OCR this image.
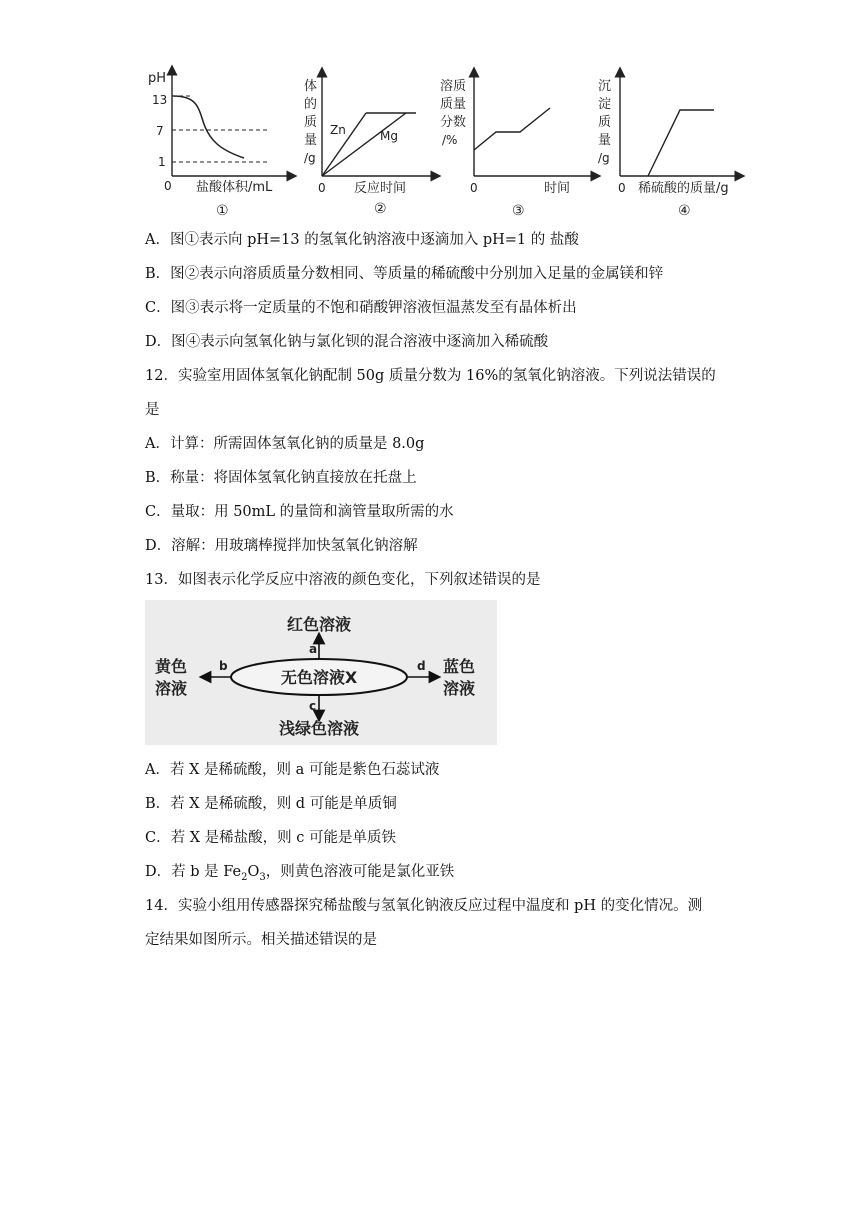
pH
13
7
1
0 盐酸体积/mL
①
体
的
质
量
/g
Zn	Mg
0 反应时间
②
溶质
质量
分数
/%
0	时间
③
沉
淀
质
量
/g
0 稀硫酸的质量/g
④
A．图①表示向 pH=13 的氢氧化钠溶液中逐滴加入 pH=1 的 盐酸
B．图②表示向溶质质量分数相同、等质量的稀硫酸中分别加入足量的金属镁和锌
C．图③表示将一定质量的不饱和硝酸钾溶液恒温蒸发至有晶体析出
D．图④表示向氢氧化钠与氯化钡的混合溶液中逐滴加入稀硫酸
12．实验室用固体氢氧化钠配制 50g 质量分数为 16%的氢氧化钠溶液。下列说法错误的
是
A．计算：所需固体氢氧化钠的质量是 8.0g
B．称量：将固体氢氧化钠直接放在托盘上
C．量取：用 50mL 的量筒和滴管量取所需的水
D．溶解：用玻璃棒搅拌加快氢氧化钠溶解
13．如图表示化学反应中溶液的颜色变化，下列叙述错误的是
无色溶液X
红色溶液
a
浅绿色溶液
c
黄色
溶液
b	蓝色
溶液
d
A．若 X 是稀硫酸，则 a 可能是紫色石蕊试液
B．若 X 是稀硫酸，则 d 可能是单质铜
C．若 X 是稀盐酸，则 c 可能是单质铁
D．若 b 是 $Fe_2O_3$，则黄色溶液可能是氯化亚铁
14．实验小组用传感器探究稀盐酸与氢氧化钠液反应过程中温度和 pH 的变化情况。测
定结果如图所示。相关描述错误的是
